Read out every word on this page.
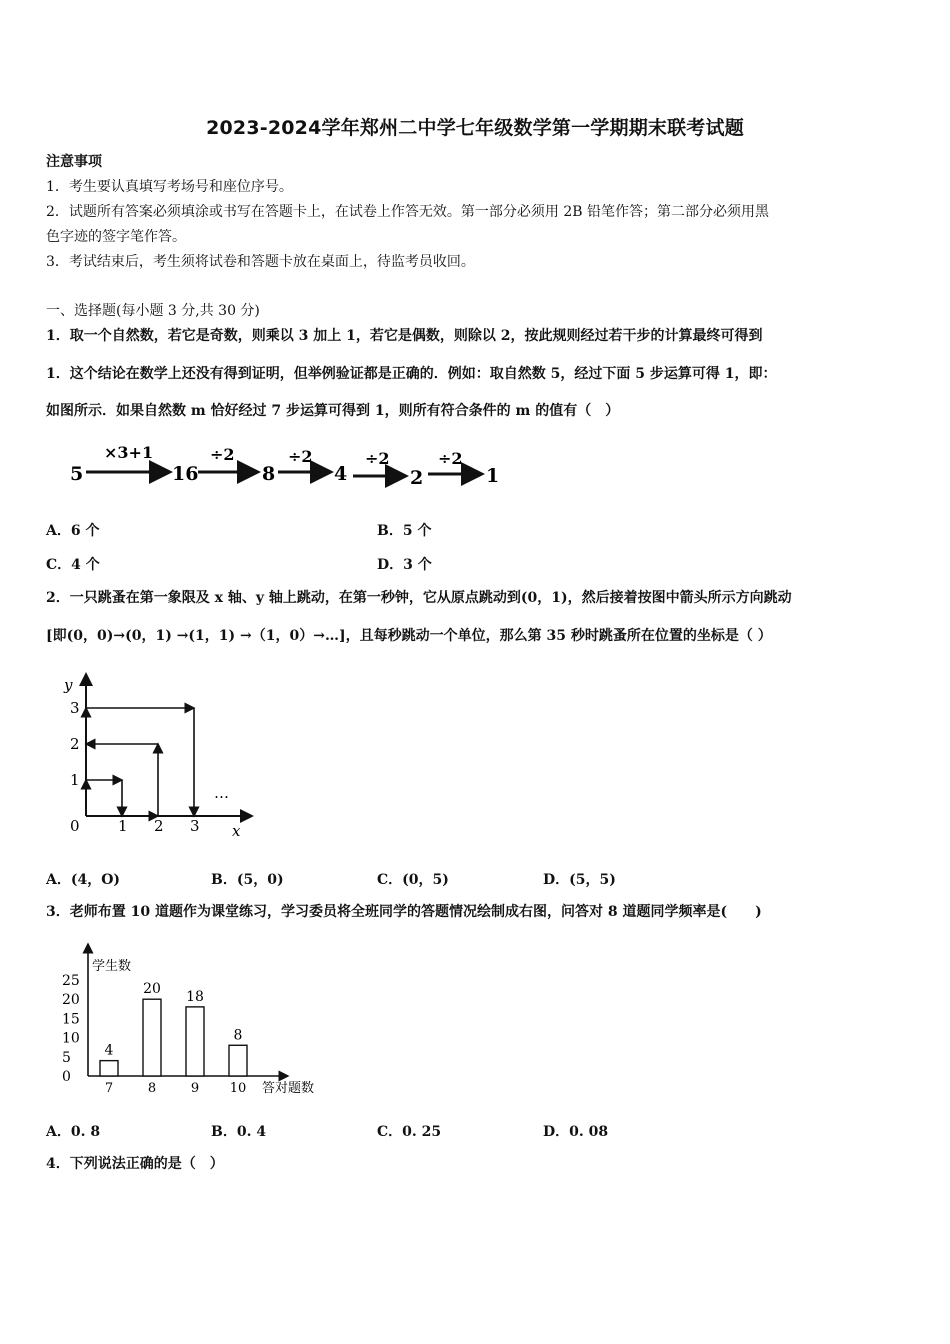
2023-2024学年郑州二中学七年级数学第一学期期末联考试题
注意事项
1．考生要认真填写考场号和座位序号。
2．试题所有答案必须填涂或书写在答题卡上，在试卷上作答无效。第一部分必须用 2B 铅笔作答；第二部分必须用黑
色字迹的签字笔作答。
3．考试结束后，考生须将试卷和答题卡放在桌面上，待监考员收回。
一、选择题(每小题 3 分,共 30 分)
1．取一个自然数，若它是奇数，则乘以 3 加上 1，若它是偶数，则除以 2，按此规则经过若干步的计算最终可得到
1．这个结论在数学上还没有得到证明，但举例验证都是正确的．例如：取自然数 5，经过下面 5 步运算可得 1，即：
如图所示．如果自然数 m 恰好经过 7 步运算可得到 1，则所有符合条件的 m 的值有（　）
5	16	8	4	2	1
×3+1	÷2	÷2	÷2	÷2
A．6 个	B．5 个
C．4 个	D．3 个
2．一只跳蚤在第一象限及 x 轴、y 轴上跳动，在第一秒钟，它从原点跳动到(0，1)，然后接着按图中箭头所示方向跳动
[即(0，0)→(0，1) →(1，1) →（1，0）→…]，且每秒跳动一个单位，那么第 35 秒时跳蚤所在位置的坐标是（ ）
y
x
0	1 2 3
1
2
3
…
A．(4，O)	B．(5，0)	C．(0，5)	D．(5，5)
3．老师布置 10 道题作为课堂练习，学习委员将全班同学的答题情况绘制成右图，问答对 8 道题同学频率是(　　)
学生数
答对题数
25
20
15
10
5
0
4
7
20
8
18
9
8
10
A．0. 8	B．0. 4	C．0. 25	D．0. 08
4．下列说法正确的是（　）
